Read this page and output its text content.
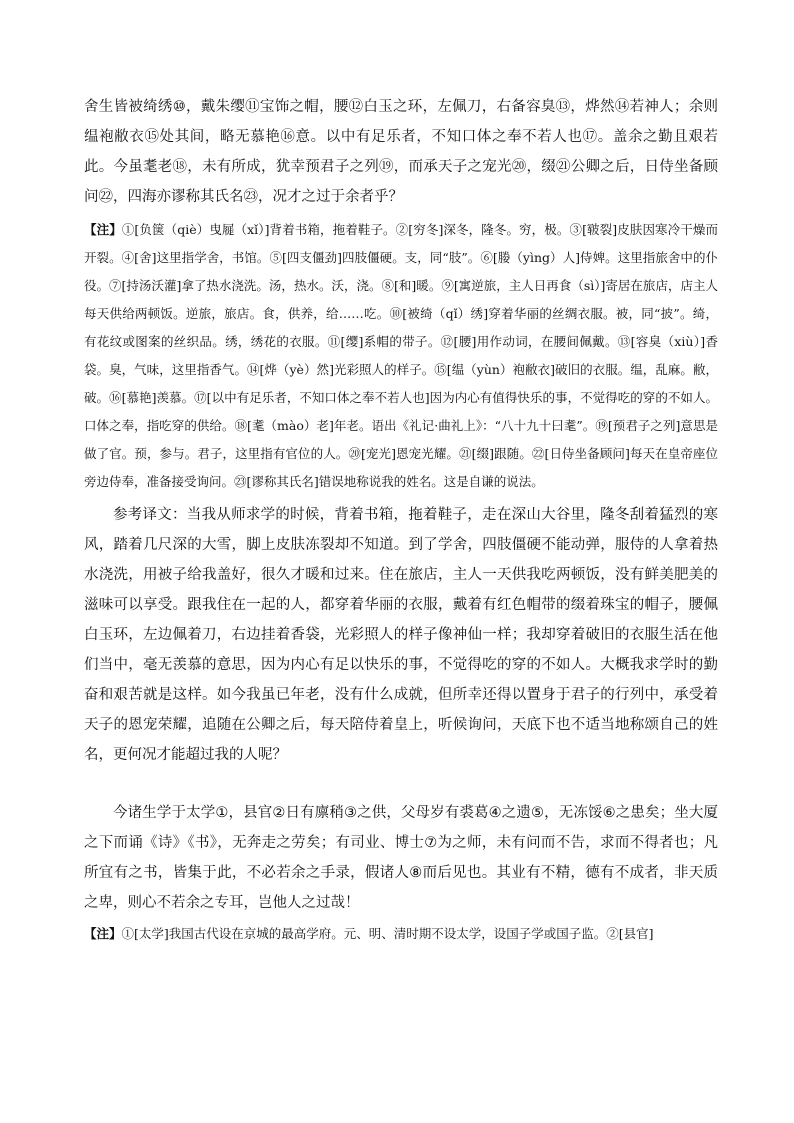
舍生皆被绮绣⑩，戴朱缨⑪宝饰之帽，腰⑫白玉之环，左佩刀，右备容臭⑬，烨然⑭若神人；余则缊袍敝衣⑮处其间，略无慕艳⑯意。以中有足乐者，不知口体之奉不若人也⑰。盖余之勤且艰若此。今虽耄老⑱，未有所成，犹幸预君子之列⑲，而承天子之宠光⑳，缀㉑公卿之后，日侍坐备顾问㉒，四海亦谬称其氏名㉓，况才之过于余者乎？

【注】①[负箧（qiè）曳屣（xǐ）]背着书箱，拖着鞋子。②[穷冬]深冬，隆冬。穷，极。③[皲裂]皮肤因寒冷干燥而开裂。④[舍]这里指学舍，书馆。⑤[四支僵劲]四肢僵硬。支，同“肢”。⑥[媵（yìng）人]侍婢。这里指旅舍中的仆役。⑦[持汤沃灌]拿了热水浇洗。汤，热水。沃，浇。⑧[和]暖。⑨[寓逆旅，主人日再食（sì）]寄居在旅店，店主人每天供给两顿饭。逆旅，旅店。食，供养，给……吃。⑩[被绮（qǐ）绣]穿着华丽的丝绸衣服。被，同“披”。绮，有花纹或图案的丝织品。绣，绣花的衣服。⑪[缨]系帽的带子。⑫[腰]用作动词，在腰间佩戴。⑬[容臭（xiù）]香袋。臭，气味，这里指香气。⑭[烨（yè）然]光彩照人的样子。⑮[缊（yùn）袍敝衣]破旧的衣服。缊，乱麻。敝，破。⑯[慕艳]羡慕。⑰[以中有足乐者，不知口体之奉不若人也]因为内心有值得快乐的事，不觉得吃的穿的不如人。口体之奉，指吃穿的供给。⑱[耄（mào）老]年老。语出《礼记·曲礼上》：“八十九十曰耄”。⑲[预君子之列]意思是做了官。预，参与。君子，这里指有官位的人。⑳[宠光]恩宠光耀。㉑[缀]跟随。㉒[日侍坐备顾问]每天在皇帝座位旁边侍奉，准备接受询问。㉓[谬称其氏名]错误地称说我的姓名。这是自谦的说法。

参考译文：当我从师求学的时候，背着书箱，拖着鞋子，走在深山大谷里，隆冬刮着猛烈的寒风，踏着几尺深的大雪，脚上皮肤冻裂却不知道。到了学舍，四肢僵硬不能动弹，服侍的人拿着热水浇洗，用被子给我盖好，很久才暖和过来。住在旅店，主人一天供我吃两顿饭，没有鲜美肥美的滋味可以享受。跟我住在一起的人，都穿着华丽的衣服，戴着有红色帽带的缀着珠宝的帽子，腰佩白玉环，左边佩着刀，右边挂着香袋，光彩照人的样子像神仙一样；我却穿着破旧的衣服生活在他们当中，毫无羡慕的意思，因为内心有足以快乐的事，不觉得吃的穿的不如人。大概我求学时的勤奋和艰苦就是这样。如今我虽已年老，没有什么成就，但所幸还得以置身于君子的行列中，承受着天子的恩宠荣耀，追随在公卿之后，每天陪侍着皇上，听候询问，天底下也不适当地称颂自己的姓名，更何况才能超过我的人呢？

今诸生学于太学①，县官②日有廪稍③之供，父母岁有裘葛④之遗⑤，无冻馁⑥之患矣；坐大厦之下而诵《诗》《书》，无奔走之劳矣；有司业、博士⑦为之师，未有问而不告，求而不得者也；凡所宜有之书，皆集于此，不必若余之手录，假诸人⑧而后见也。其业有不精，德有不成者，非天质之卑，则心不若余之专耳，岂他人之过哉！

【注】①[太学]我国古代设在京城的最高学府。元、明、清时期不设太学，设国子学或国子监。②[县官]
